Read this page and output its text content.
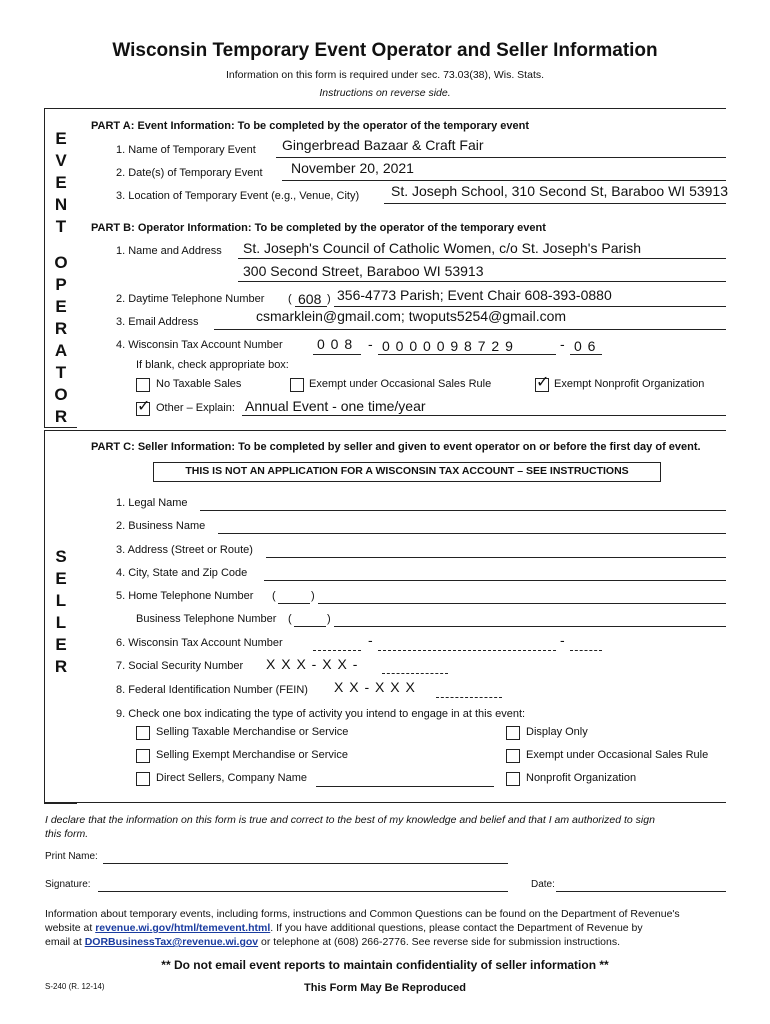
Wisconsin Temporary Event Operator and Seller Information
Information on this form is required under sec. 73.03(38), Wis. Stats.
Instructions on reverse side.
E
V
E
N
T
O
P
E
R
A
T
O
R
S
E
L
L
E
R
PART A: Event Information: To be completed by the operator of the temporary event
1. Name of Temporary Event Gingerbread Bazaar & Craft Fair
2. Date(s) of Temporary Event November 20, 2021
3. Location of Temporary Event (e.g., Venue, City) St. Joseph School, 310 Second St, Baraboo WI 53913
PART B: Operator Information: To be completed by the operator of the temporary event
1. Name and Address St. Joseph's Council of Catholic Women, c/o St. Joseph's Parish
300 Second Street, Baraboo WI 53913
2. Daytime Telephone Number ( 608 ) 356-4773 Parish; Event Chair 608-393-0880
3. Email Address	csmarklein@gmail.com; twoputs5254@gmail.com
4. Wisconsin Tax Account Number 0 0 8 - 0 0 0 0 0 9 8 7 2 9	- 0 6
If blank, check appropriate box:
No Taxable Sales	Exempt under Occasional Sales Rule	✓ Exempt Nonprofit Organization
✓ Other – Explain: Annual Event - one time/year
PART C: Seller Information: To be completed by seller and given to event operator on or before the first day of event.
THIS IS NOT AN APPLICATION FOR A WISCONSIN TAX ACCOUNT – SEE INSTRUCTIONS
1. Legal Name
2. Business Name
3. Address (Street or Route)
4. City, State and Zip Code
5. Home Telephone Number (	)
Business Telephone Number (	)
6. Wisconsin Tax Account Number	-	-
7. Social Security Number X X X - X X -
8. Federal Identification Number (FEIN) X X - X X X
9. Check one box indicating the type of activity you intend to engage in at this event:
Selling Taxable Merchandise or Service	Display Only
Selling Exempt Merchandise or Service	Exempt under Occasional Sales Rule
Direct Sellers, Company Name	Nonprofit Organization
I declare that the information on this form is true and correct to the best of my knowledge and belief and that I am authorized to sign
this form.
Print Name:
Signature:	Date:
Information about temporary events, including forms, instructions and Common Questions can be found on the Department of Revenue's
website at revenue.wi.gov/html/temevent.html. If you have additional questions, please contact the Department of Revenue by
email at DORBusinessTax@revenue.wi.gov or telephone at (608) 266-2776. See reverse side for submission instructions.
** Do not email event reports to maintain confidentiality of seller information **
S-240 (R. 12-14)	This Form May Be Reproduced
